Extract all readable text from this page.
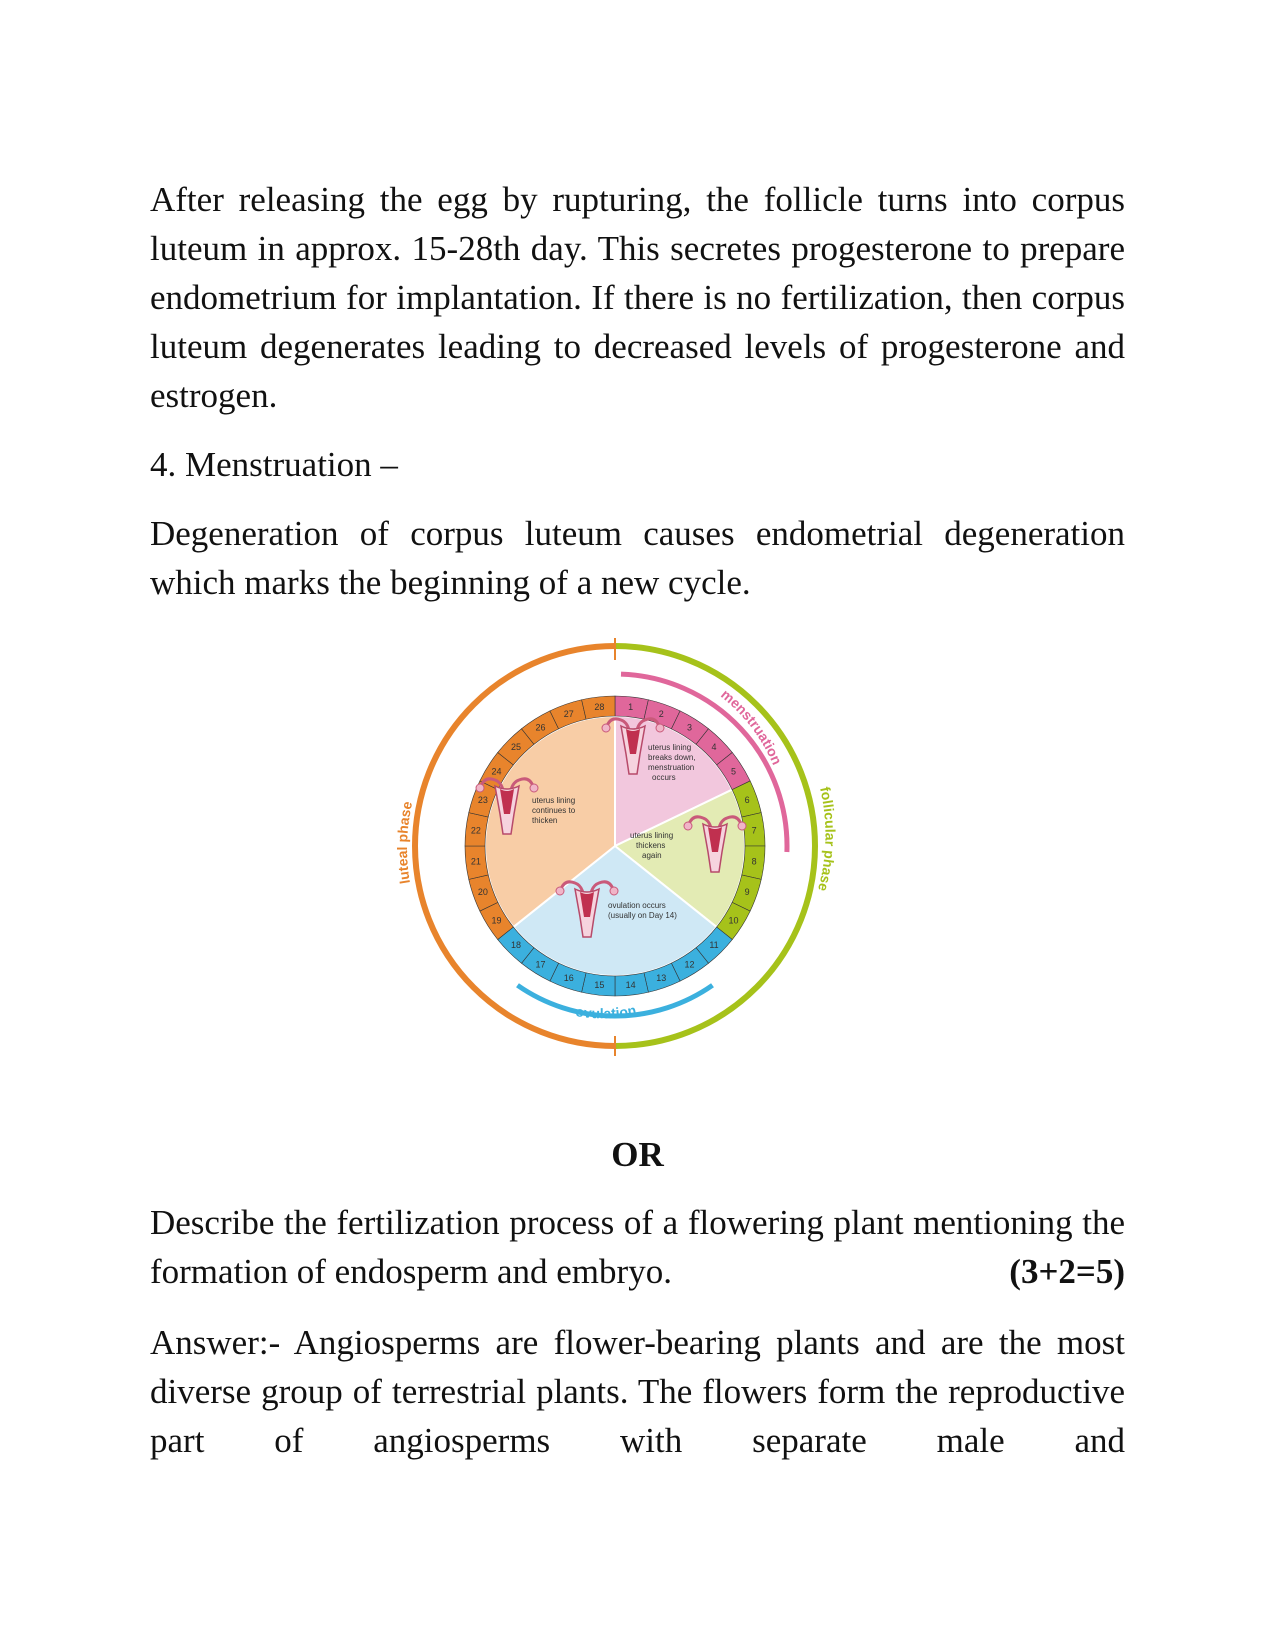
After releasing the egg by rupturing, the follicle turns into corpus luteum in approx. 15-28th day. This secretes progesterone to prepare endometrium for implantation. If there is no fertilization, then corpus luteum degenerates leading to decreased levels of progesterone and estrogen.

4. Menstruation –

Degeneration of corpus luteum causes endometrial degeneration which marks the beginning of a new cycle.

1
2
3
4
5
6
7
8
9
10
11
12
13
14
15
16
17
18
19
20
21
22
23
24
25
26
27
28
luteal phase
follicular phase
menstruation
ovulation
uterus lining breaks down, menstruation occurs
uterus lining thickens again
ovulation occurs (usually on Day 14)
uterus lining continues to thicken
OR

Describe the fertilization process of a flowering plant mentioning the formation of endosperm and embryo.	(3+2=5)

Answer:- Angiosperms are flower-bearing plants and are the most diverse group of terrestrial plants. The flowers form the reproductive part of angiosperms with separate male and
